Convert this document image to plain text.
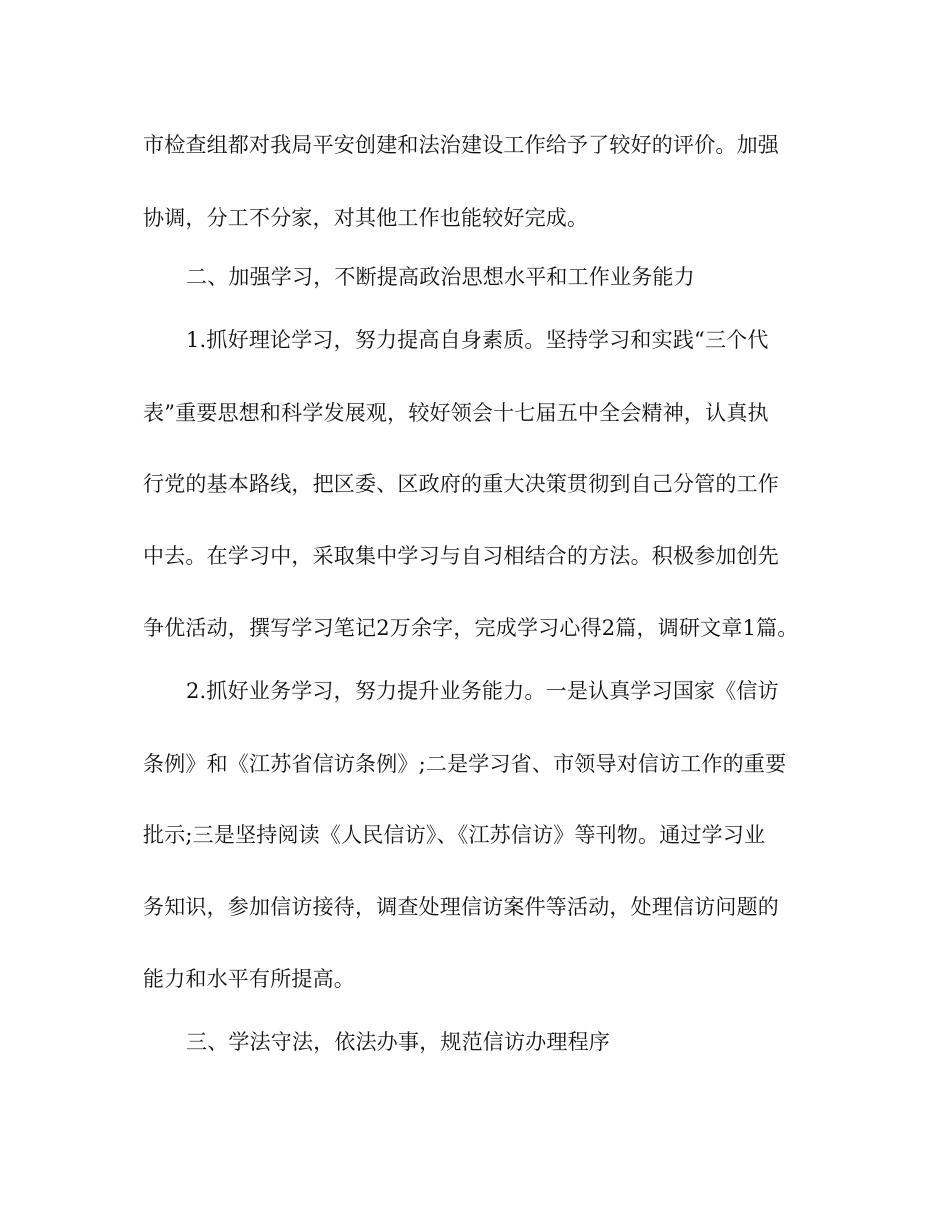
市检查组都对我局平安创建和法治建设工作给予了较好的评价。加强
协调，分工不分家，对其他工作也能较好完成。
二、加强学习，不断提高政治思想水平和工作业务能力
1.抓好理论学习，努力提高自身素质。坚持学习和实践“三个代
表”重要思想和科学发展观，较好领会十七届五中全会精神，认真执
行党的基本路线，把区委、区政府的重大决策贯彻到自己分管的工作
中去。在学习中，采取集中学习与自习相结合的方法。积极参加创先
争优活动，撰写学习笔记2万余字，完成学习心得2篇，调研文章1篇。
2.抓好业务学习，努力提升业务能力。一是认真学习国家《信访
条例》和《江苏省信访条例》;二是学习省、市领导对信访工作的重要
批示;三是坚持阅读《人民信访》、《江苏信访》等刊物。通过学习业
务知识，参加信访接待，调查处理信访案件等活动，处理信访问题的
能力和水平有所提高。
三、学法守法，依法办事，规范信访办理程序
